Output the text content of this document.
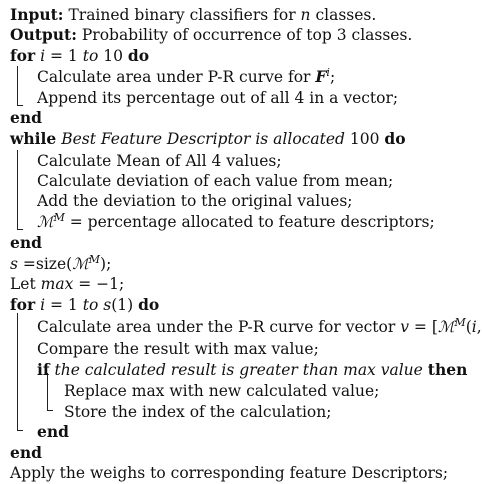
Input: Trained binary classifiers for n classes.
Output: Probability of occurrence of top 3 classes.
for i = 1 to 10 do
Calculate area under P-R curve for $F^i$;
Append its percentage out of all 4 in a vector;
end
while Best Feature Descriptor is allocated 100 do
Calculate Mean of All 4 values;
Calculate deviation of each value from mean;
Add the deviation to the original values;
ℳ$^M$ = percentage allocated to feature descriptors;
end
s =size(ℳ$^M$);
Let max = −1;
for i = 1 to s(1) do
Calculate area under the P-R curve for vector v = [ℳ$^M$(i,
Compare the result with max value;
if the calculated result is greater than max value then
Replace max with new calculated value;
Store the index of the calculation;
end
end
Apply the weighs to corresponding feature Descriptors;
